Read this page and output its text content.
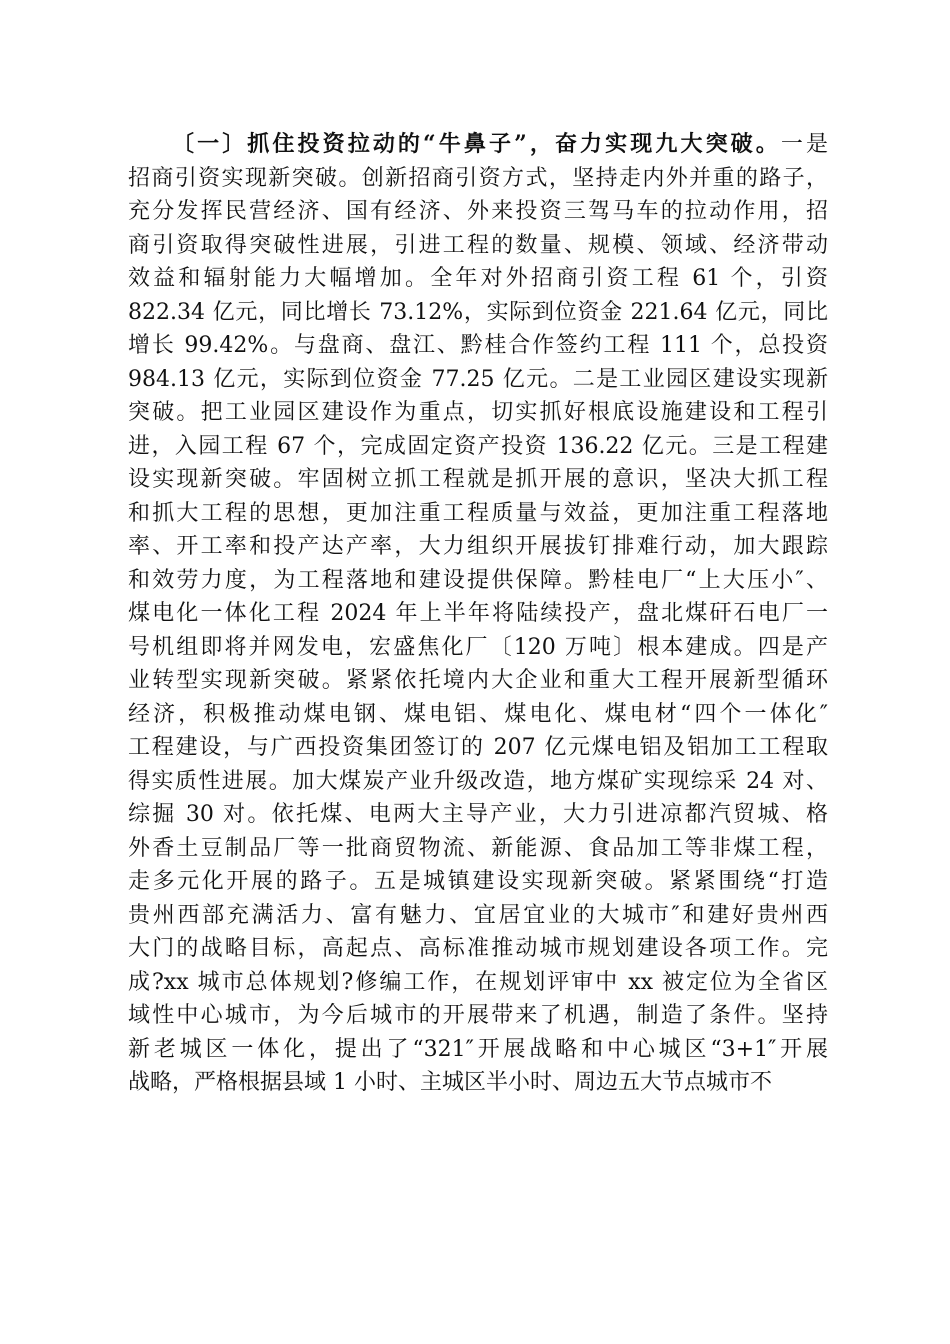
〔一〕抓住投资拉动的“牛鼻子”，奋力实现九大突破。一是
招商引资实现新突破。创新招商引资方式，坚持走内外并重的路子，
充分发挥民营经济、国有经济、外来投资三驾马车的拉动作用，招
商引资取得突破性进展，引进工程的数量、规模、领域、经济带动
效益和辐射能力大幅增加。全年对外招商引资工程 61 个，引资
822.34 亿元，同比增长 73.12%，实际到位资金 221.64 亿元，同比
增长 99.42%。与盘商、盘江、黔桂合作签约工程 111 个，总投资
984.13 亿元，实际到位资金 77.25 亿元。二是工业园区建设实现新
突破。把工业园区建设作为重点，切实抓好根底设施建设和工程引
进，入园工程 67 个，完成固定资产投资 136.22 亿元。三是工程建
设实现新突破。牢固树立抓工程就是抓开展的意识，坚决大抓工程
和抓大工程的思想，更加注重工程质量与效益，更加注重工程落地
率、开工率和投产达产率，大力组织开展拔钉排难行动，加大跟踪
和效劳力度，为工程落地和建设提供保障。黔桂电厂“上大压小″、
煤电化一体化工程 2024 年上半年将陆续投产，盘北煤矸石电厂一
号机组即将并网发电，宏盛焦化厂〔120 万吨〕根本建成。四是产
业转型实现新突破。紧紧依托境内大企业和重大工程开展新型循环
经济，积极推动煤电钢、煤电铝、煤电化、煤电材“四个一体化″
工程建设，与广西投资集团签订的 207 亿元煤电铝及铝加工工程取
得实质性进展。加大煤炭产业升级改造，地方煤矿实现综采 24 对、
综掘 30 对。依托煤、电两大主导产业，大力引进凉都汽贸城、格
外香土豆制品厂等一批商贸物流、新能源、食品加工等非煤工程，
走多元化开展的路子。五是城镇建设实现新突破。紧紧围绕“打造
贵州西部充满活力、富有魅力、宜居宜业的大城市″和建好贵州西
大门的战略目标，高起点、高标准推动城市规划建设各项工作。完
成?xx 城市总体规划?修编工作，在规划评审中 xx 被定位为全省区
域性中心城市，为今后城市的开展带来了机遇，制造了条件。坚持
新老城区一体化，提出了“321″开展战略和中心城区“3+1″开展
战略，严格根据县域 1 小时、主城区半小时、周边五大节点城市不
